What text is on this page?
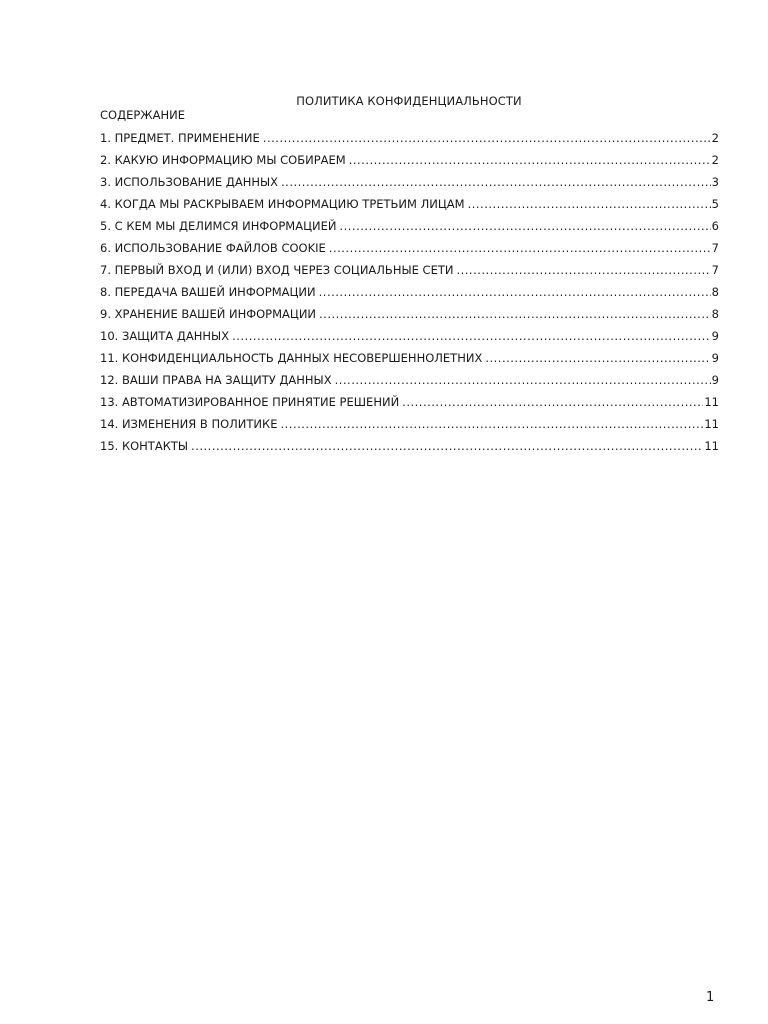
ПОЛИТИКА КОНФИДЕНЦИАЛЬНОСТИ
СОДЕРЖАНИЕ
1. ПРЕДМЕТ. ПРИМЕНЕНИЕ .....	2
2. КАКУЮ ИНФОРМАЦИЮ МЫ СОБИРАЕМ .....	2
3. ИСПОЛЬЗОВАНИЕ ДАННЫХ .....	3
4. КОГДА МЫ РАСКРЫВАЕМ ИНФОРМАЦИЮ ТРЕТЬИМ ЛИЦАМ .....	5
5. С КЕМ МЫ ДЕЛИМСЯ ИНФОРМАЦИЕЙ .....	6
6. ИСПОЛЬЗОВАНИЕ ФАЙЛОВ COOKIE .....	7
7. ПЕРВЫЙ ВХОД И (ИЛИ) ВХОД ЧЕРЕЗ СОЦИАЛЬНЫЕ СЕТИ .....	7
8. ПЕРЕДАЧА ВАШЕЙ ИНФОРМАЦИИ .....	8
9. ХРАНЕНИЕ ВАШЕЙ ИНФОРМАЦИИ .....	8
10. ЗАЩИТА ДАННЫХ .....	9
11. КОНФИДЕНЦИАЛЬНОСТЬ ДАННЫХ НЕСОВЕРШЕННОЛЕТНИХ .....	9
12. ВАШИ ПРАВА НА ЗАЩИТУ ДАННЫХ .....	9
13. АВТОМАТИЗИРОВАННОЕ ПРИНЯТИЕ РЕШЕНИЙ .....	11
14. ИЗМЕНЕНИЯ В ПОЛИТИКЕ .....	11
15. КОНТАКТЫ .....	11
1
